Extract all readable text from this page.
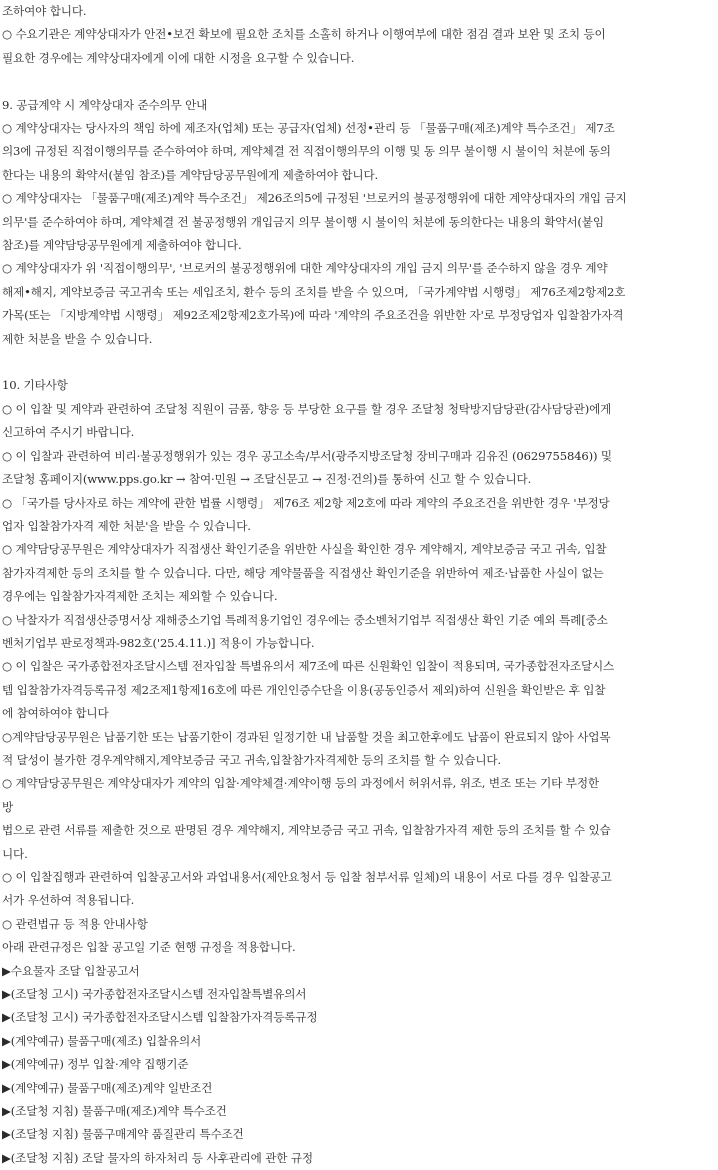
조하여야 합니다.
○ 수요기관은 계약상대자가 안전•보건 확보에 필요한 조치를 소홀히 하거나 이행여부에 대한 점검 결과 보완 및 조치 등이
필요한 경우에는 계약상대자에게 이에 대한 시정을 요구할 수 있습니다.
9. 공급계약 시 계약상대자 준수의무 안내
○ 계약상대자는 당사자의 책임 하에 제조자(업체) 또는 공급자(업체) 선정•관리 등 「물품구매(제조)계약 특수조건」 제7조
의3에 규정된 직접이행의무를 준수하여야 하며, 계약체결 전 직접이행의무의 이행 및 동 의무 불이행 시 불이익 처분에 동의
한다는 내용의 확약서(붙임 참조)를 계약담당공무원에게 제출하여야 합니다.
○ 계약상대자는 「물품구매(제조)계약 특수조건」 제26조의5에 규정된 '브로커의 불공정행위에 대한 계약상대자의 개입 금지
의무'를 준수하여야 하며, 계약체결 전 불공정행위 개입금지 의무 불이행 시 불이익 처분에 동의한다는 내용의 확약서(붙임
참조)를 계약담당공무원에게 제출하여야 합니다.
○ 계약상대자가 위 '직접이행의무', '브로커의 불공정행위에 대한 계약상대자의 개입 금지 의무'를 준수하지 않을 경우 계약
해제•해지, 계약보증금 국고귀속 또는 세입조치, 환수 등의 조치를 받을 수 있으며, 「국가계약법 시행령」 제76조제2항제2호
가목(또는 「지방계약법 시행령」 제92조제2항제2호가목)에 따라 '계약의 주요조건을 위반한 자'로 부정당업자 입찰참가자격
제한 처분을 받을 수 있습니다.
10. 기타사항
○ 이 입찰 및 계약과 관련하여 조달청 직원이 금품, 향응 등 부당한 요구를 할 경우 조달청 청탁방지담당관(감사담당관)에게
신고하여 주시기 바랍니다.
○ 이 입찰과 관련하여 비리·불공정행위가 있는 경우 공고소속/부서(광주지방조달청 장비구매과 김유진 (0629755846)) 및
조달청 홈페이지(www.pps.go.kr → 참여·민원 → 조달신문고 → 진정·건의)를 통하여 신고 할 수 있습니다.
○ 「국가를 당사자로 하는 계약에 관한 법률 시행령」 제76조 제2항 제2호에 따라 계약의 주요조건을 위반한 경우 '부정당
업자 입찰참가자격 제한 처분'을 받을 수 있습니다.
○ 계약담당공무원은 계약상대자가 직접생산 확인기준을 위반한 사실을 확인한 경우 계약해지, 계약보증금 국고 귀속, 입찰
참가자격제한 등의 조치를 할 수 있습니다. 다만, 해당 계약물품을 직접생산 확인기준을 위반하여 제조·납품한 사실이 없는
경우에는 입찰참가자격제한 조치는 제외할 수 있습니다.
○ 낙찰자가 직접생산증명서상 재해중소기업 특례적용기업인 경우에는 중소벤처기업부 직접생산 확인 기준 예외 특례[중소
벤처기업부 판로정책과-982호('25.4.11.)] 적용이 가능합니다.
○ 이 입찰은 국가종합전자조달시스템 전자입찰 특별유의서 제7조에 따른 신원확인 입찰이 적용되며, 국가종합전자조달시스
템 입찰참가자격등록규정 제2조제1항제16호에 따른 개인인증수단을 이용(공동인증서 제외)하여 신원을 확인받은 후 입찰
에 참여하여야 합니다
○계약담당공무원은 납품기한 또는 납품기한이 경과된 일정기한 내 납품할 것을 최고한후에도 납품이 완료되지 않아 사업목
적 달성이 불가한 경우계약해지,계약보증금 국고 귀속,입찰참가자격제한 등의 조치를 할 수 있습니다.
○ 계약담당공무원은 계약상대자가 계약의 입찰·계약체결·계약이행 등의 과정에서 허위서류, 위조, 변조 또는 기타 부정한
방
법으로 관련 서류를 제출한 것으로 판명된 경우 계약해지, 계약보증금 국고 귀속, 입찰참가자격 제한 등의 조치를 할 수 있습
니다.
○ 이 입찰집행과 관련하여 입찰공고서와 과업내용서(제안요청서 등 입찰 첨부서류 일체)의 내용이 서로 다를 경우 입찰공고
서가 우선하여 적용됩니다.
○ 관련법규 등 적용 안내사항
아래 관련규정은 입찰 공고일 기준 현행 규정을 적용합니다.
▶수요물자 조달 입찰공고서
▶(조달청 고시) 국가종합전자조달시스템 전자입찰특별유의서
▶(조달청 고시) 국가종합전자조달시스템 입찰참가자격등록규정
▶(계약예규) 물품구매(제조) 입찰유의서
▶(계약예규) 정부 입찰·계약 집행기준
▶(계약예규) 물품구매(제조)계약 일반조건
▶(조달청 지침) 물품구매(제조)계약 특수조건
▶(조달청 지침) 물품구매계약 품질관리 특수조건
▶(조달청 지침) 조달 물자의 하자처리 등 사후관리에 관한 규정
